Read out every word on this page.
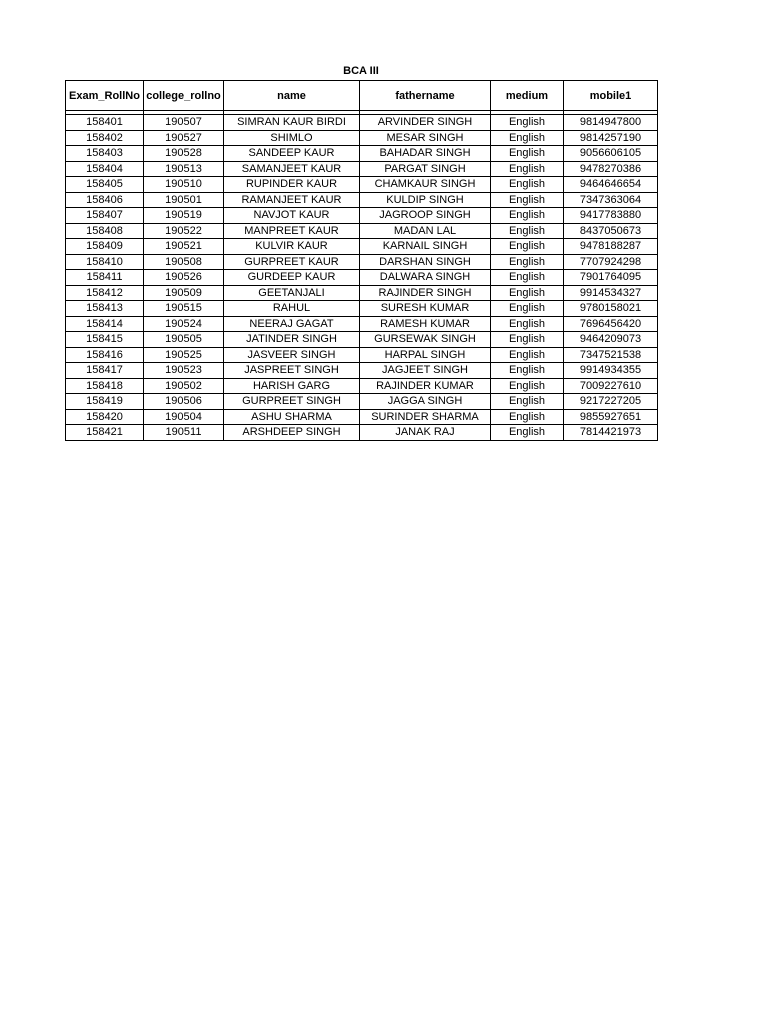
BCA III
Exam_RollNo	college_rollno	name	fathername	medium	mobile1

158401	190507	SIMRAN KAUR BIRDI	ARVINDER SINGH	English	9814947800
158402	190527	SHIMLO	MESAR SINGH	English	9814257190
158403	190528	SANDEEP KAUR	BAHADAR SINGH	English	9056606105
158404	190513	SAMANJEET KAUR	PARGAT SINGH	English	9478270386
158405	190510	RUPINDER KAUR	CHAMKAUR SINGH	English	9464646654
158406	190501	RAMANJEET KAUR	KULDIP SINGH	English	7347363064
158407	190519	NAVJOT KAUR	JAGROOP SINGH	English	9417783880
158408	190522	MANPREET KAUR	MADAN LAL	English	8437050673
158409	190521	KULVIR KAUR	KARNAIL SINGH	English	9478188287
158410	190508	GURPREET KAUR	DARSHAN SINGH	English	7707924298
158411	190526	GURDEEP KAUR	DALWARA SINGH	English	7901764095
158412	190509	GEETANJALI	RAJINDER SINGH	English	9914534327
158413	190515	RAHUL	SURESH KUMAR	English	9780158021
158414	190524	NEERAJ GAGAT	RAMESH KUMAR	English	7696456420
158415	190505	JATINDER SINGH	GURSEWAK SINGH	English	9464209073
158416	190525	JASVEER SINGH	HARPAL SINGH	English	7347521538
158417	190523	JASPREET SINGH	JAGJEET SINGH	English	9914934355
158418	190502	HARISH GARG	RAJINDER KUMAR	English	7009227610
158419	190506	GURPREET SINGH	JAGGA SINGH	English	9217227205
158420	190504	ASHU SHARMA	SURINDER SHARMA	English	9855927651
158421	190511	ARSHDEEP SINGH	JANAK RAJ	English	7814421973
